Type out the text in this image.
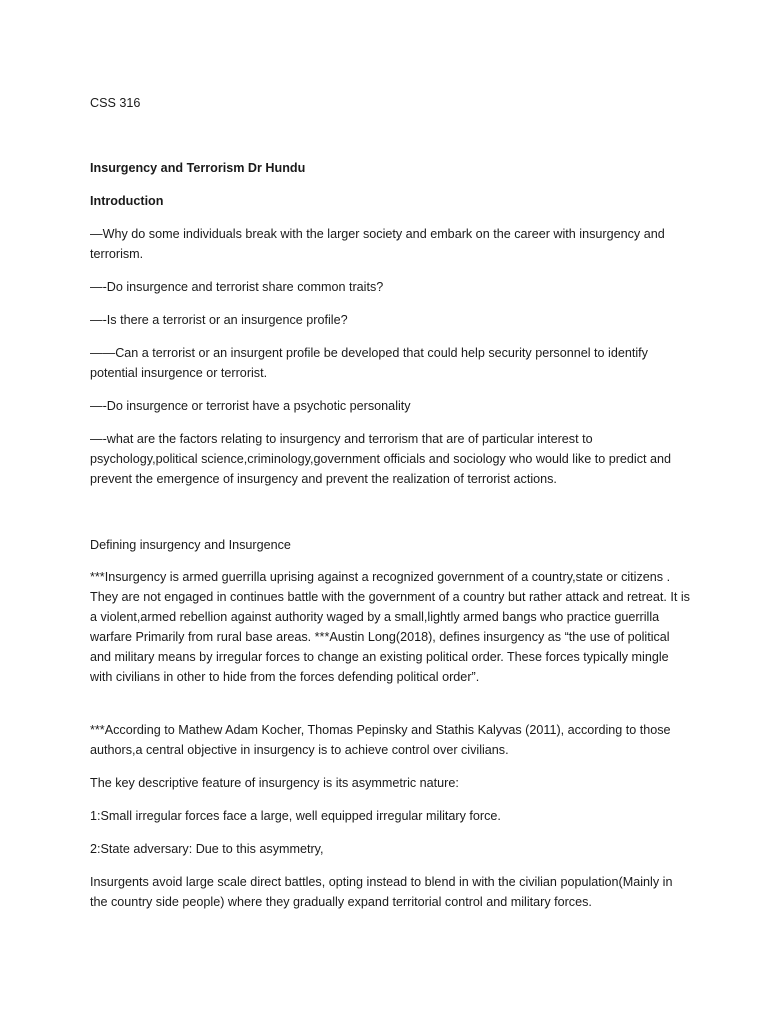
CSS 316

Insurgency and Terrorism Dr Hundu

Introduction

—Why do some individuals break with the larger society and embark on the career with insurgency and terrorism.

—-Do insurgence and terrorist share common traits?

—-Is there a terrorist or an insurgence profile?

——Can a terrorist or an insurgent profile be developed that could help security personnel to identify potential insurgence or terrorist.

—-Do insurgence or terrorist have a psychotic personality

—-what are the factors relating to insurgency and terrorism that are of particular interest to psychology,political science,criminology,government officials and sociology who would like to predict and prevent the emergence of insurgency and prevent the realization of terrorist actions.

Defining insurgency and Insurgence

***Insurgency is armed guerrilla uprising against a recognized government of a country,state or citizens . They are not engaged in continues battle with the government of a country but rather attack and retreat. It is a violent,armed rebellion against authority waged by a small,lightly armed bangs who practice guerrilla warfare Primarily from rural base areas. ***Austin Long(2018), defines insurgency as “the use of political and military means by irregular forces to change an existing political order. These forces typically mingle with civilians in other to hide from the forces defending political order”.

***According to Mathew Adam Kocher, Thomas Pepinsky and Stathis Kalyvas (2011), according to those authors,a central objective in insurgency is to achieve control over civilians.

The key descriptive feature of insurgency is its asymmetric nature:

1:Small irregular forces face a large, well equipped irregular military force.

2:State adversary: Due to this asymmetry,

Insurgents avoid large scale direct battles, opting instead to blend in with the civilian population(Mainly in the country side people) where they gradually expand territorial control and military forces.
